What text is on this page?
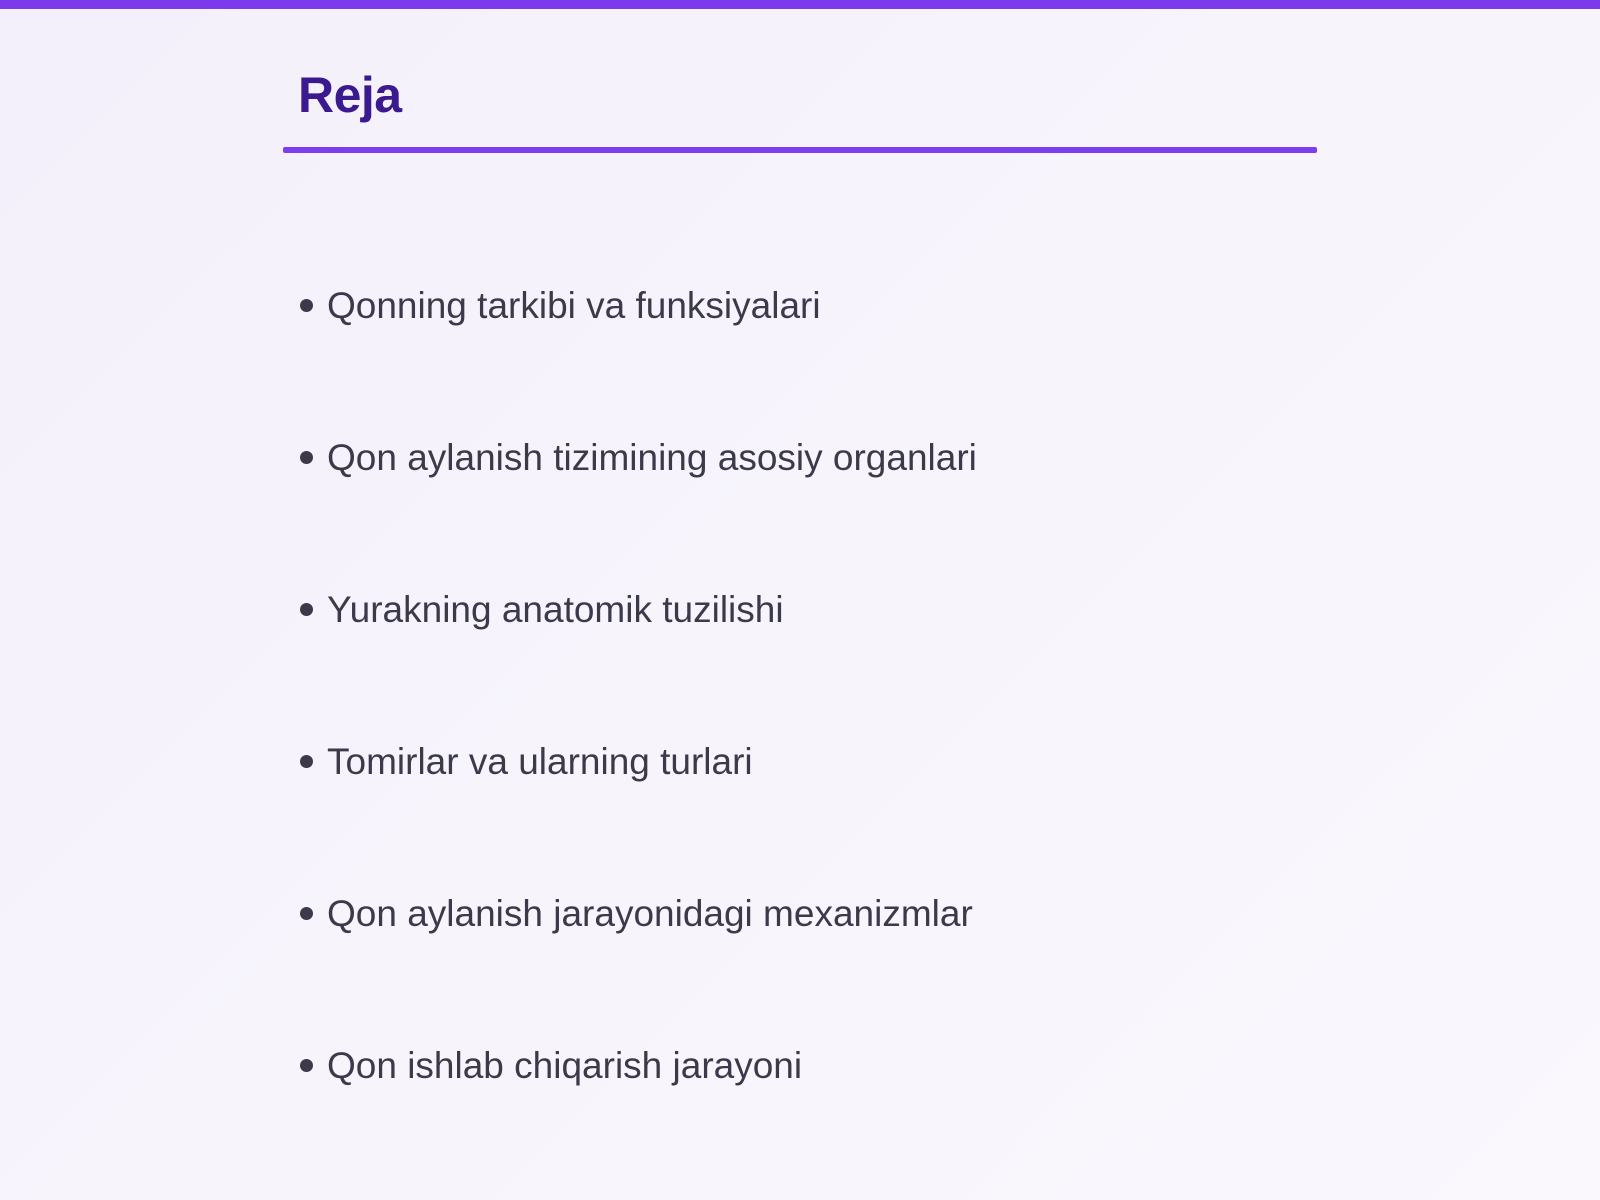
Reja
Qonning tarkibi va funksiyalari
Qon aylanish tizimining asosiy organlari
Yurakning anatomik tuzilishi
Tomirlar va ularning turlari
Qon aylanish jarayonidagi mexanizmlar
Qon ishlab chiqarish jarayoni
